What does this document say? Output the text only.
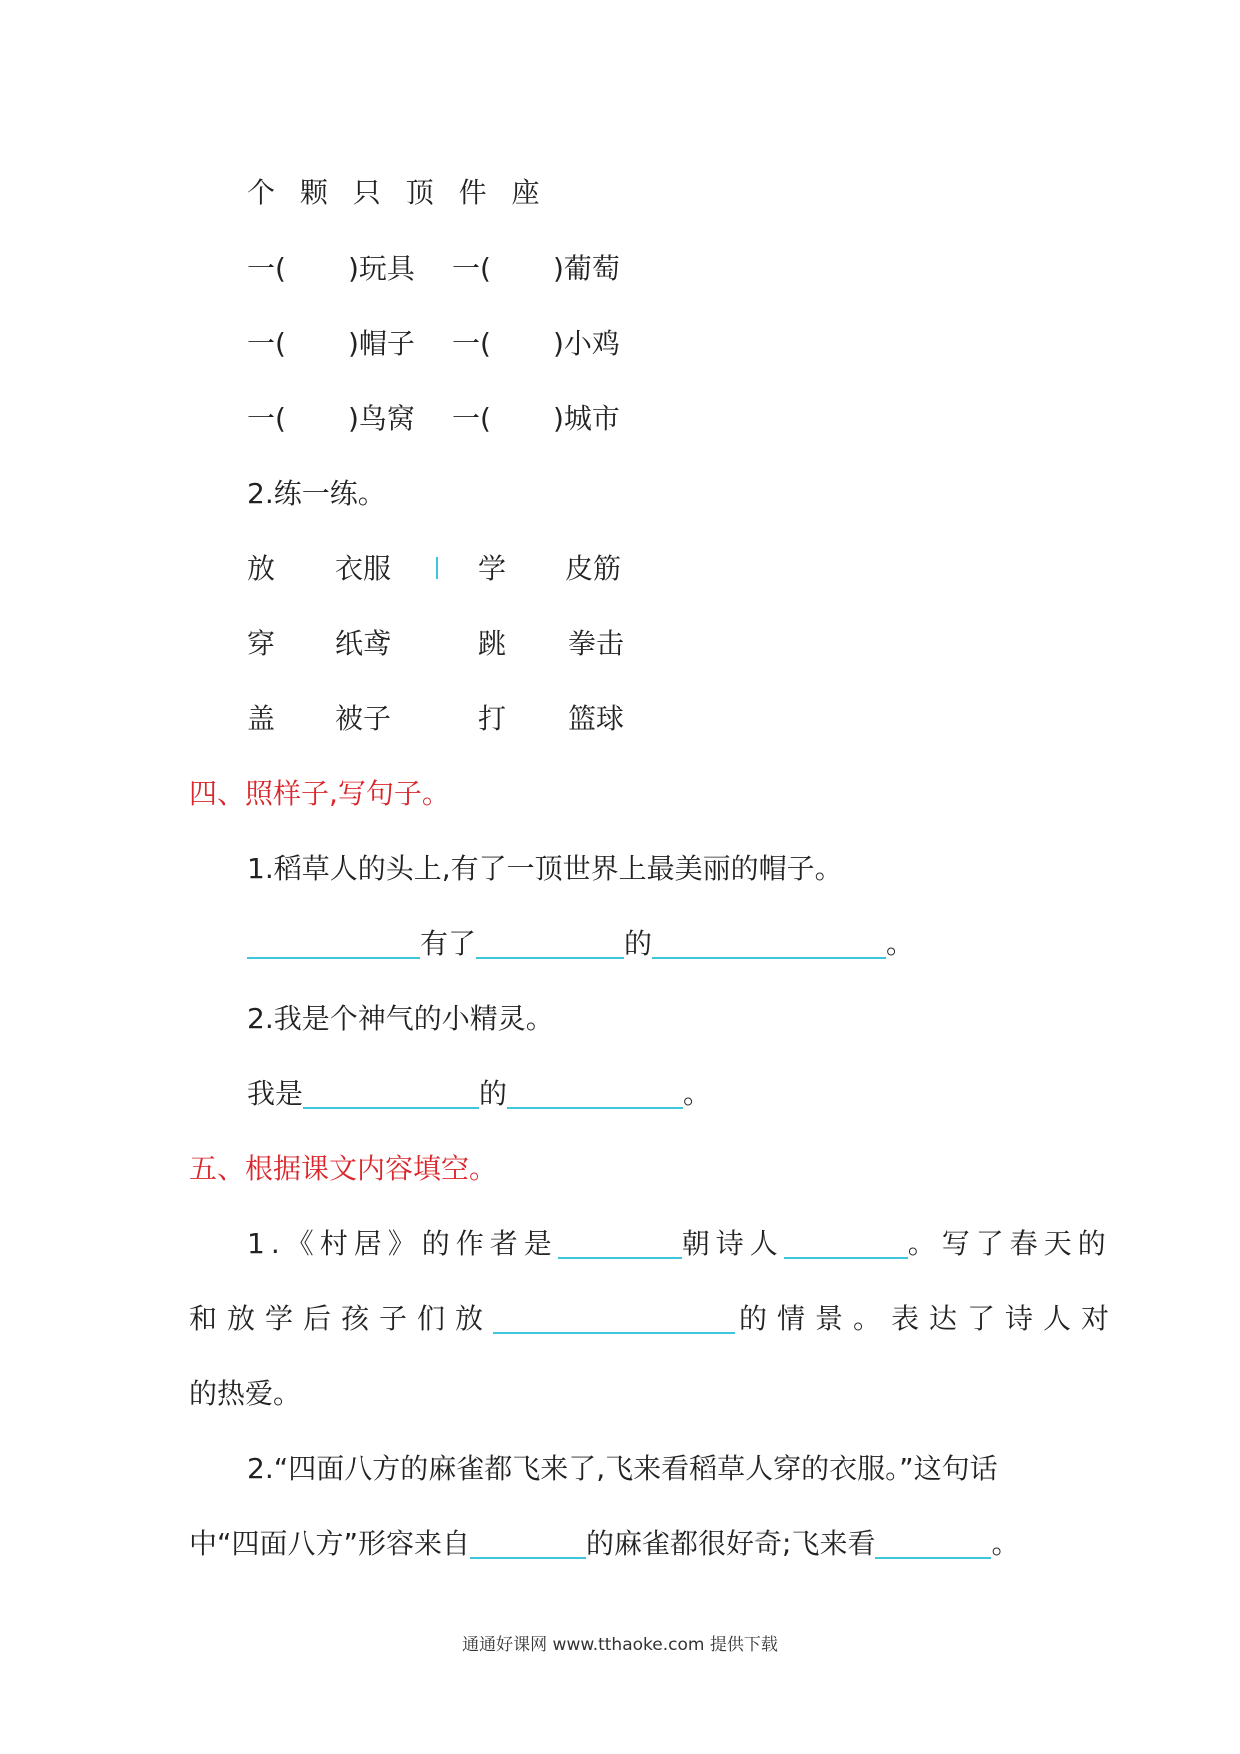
个 颗 只 顶 件 座
一( )玩具 一( )葡萄
一( )帽子 一( )小鸡
一( )鸟窝 一( )城市
2.练一练。
放 衣服	学 皮筋
穿 纸鸢	跳 拳击
盖 被子	打 篮球
四、照样子,写句子。
1.稻草人的头上,有了一顶世界上最美丽的帽子。
有了	的	。
2.我是个神气的小精灵。
我是	的	。
五、根据课文内容填空。
1.《村居》的作者是	朝诗人	。写了春天的
和放学后孩子们放	的情景。表达了诗人对
的热爱。
2.“四面八方的麻雀都飞来了,飞来看稻草人穿的衣服。”这句话
中“四面八方”形容来自	的麻雀都很好奇;飞来看	。
通通好课网 www.tthaoke.com 提供下载
